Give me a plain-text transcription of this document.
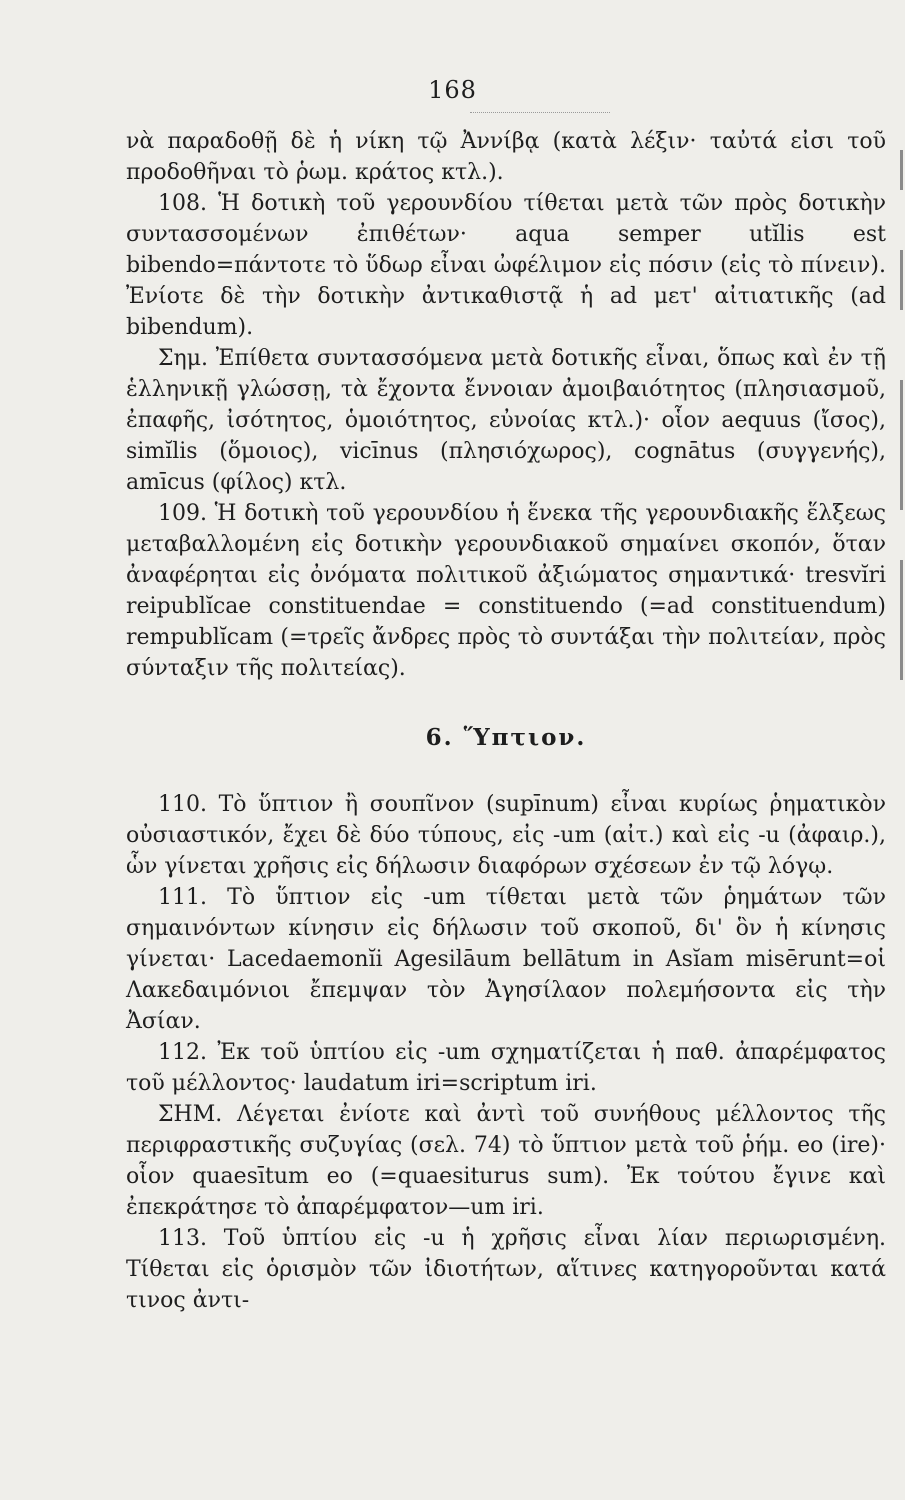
168

νὰ παραδοθῇ δὲ ἡ νίκη τῷ Ἀννίβᾳ (κατὰ λέξιν· ταὐτά εἰσι τοῦ προδοθῆναι τὸ ῥωμ. κράτος κτλ.).

108. Ἡ δοτικὴ τοῦ γερουνδίου τίθεται μετὰ τῶν πρὸς δοτικὴν συντασσομένων ἐπιθέτων· aqua semper utĭlis est bibendo=πάντοτε τὸ ὕδωρ εἶναι ὠφέλιμον εἰς πόσιν (εἰς τὸ πίνειν). Ἐνίοτε δὲ τὴν δοτικὴν ἀντικαθιστᾷ ἡ ad μετ' αἰτιατικῆς (ad bibendum).

Σημ. Ἐπίθετα συντασσόμενα μετὰ δοτικῆς εἶναι, ὅπως καὶ ἐν τῇ ἑλληνικῇ γλώσσῃ, τὰ ἔχοντα ἔννοιαν ἀμοιβαιότητος (πλησιασμοῦ, ἐπαφῆς, ἰσότητος, ὁμοιότητος, εὐνοίας κτλ.)· οἷον aequus (ἴσος), simĭlis (ὅμοιος), vicīnus (πλησιόχωρος), cognātus (συγγενής), amīcus (φίλος) κτλ.

109. Ἡ δοτικὴ τοῦ γερουνδίου ἡ ἕνεκα τῆς γερουνδιακῆς ἕλξεως μεταβαλλομένη εἰς δοτικὴν γερουνδιακοῦ σημαίνει σκοπόν, ὅταν ἀναφέρηται εἰς ὀνόματα πολιτικοῦ ἀξιώματος σημαντικά· tresvĭri reipublĭcae constituendae = constituendo (=ad constituendum) rempublĭcam (=τρεῖς ἄνδρες πρὸς τὸ συντάξαι τὴν πολιτείαν, πρὸς σύνταξιν τῆς πολιτείας).

6. Ὕπτιον.

110. Τὸ ὕπτιον ἢ σουπῖνον (supīnum) εἶναι κυρίως ῥηματικὸν οὐσιαστικόν, ἔχει δὲ δύο τύπους, εἰς -um (αἰτ.) καὶ εἰς -u (ἀφαιρ.), ὧν γίνεται χρῆσις εἰς δήλωσιν διαφόρων σχέσεων ἐν τῷ λόγῳ.

111. Τὸ ὕπτιον εἰς -um τίθεται μετὰ τῶν ῥημάτων τῶν σημαινόντων κίνησιν εἰς δήλωσιν τοῦ σκοποῦ, δι' ὃν ἡ κίνησις γίνεται· Lacedaemonĭi Agesilāum bellātum in Asĭam misērunt=οἱ Λακεδαιμόνιοι ἔπεμψαν τὸν Ἀγησίλαον πολεμήσοντα εἰς τὴν Ἀσίαν.

112. Ἐκ τοῦ ὑπτίου εἰς -um σχηματίζεται ἡ παθ. ἀπαρέμφατος τοῦ μέλλοντος· laudatum iri=scriptum iri.

ΣΗΜ. Λέγεται ἐνίοτε καὶ ἀντὶ τοῦ συνήθους μέλλοντος τῆς περιφραστικῆς συζυγίας (σελ. 74) τὸ ὕπτιον μετὰ τοῦ ῥήμ. eo (ire)· οἷον quaesītum eo (=quaesiturus sum). Ἐκ τούτου ἔγινε καὶ ἐπεκράτησε τὸ ἀπαρέμφατον—um iri.

113. Τοῦ ὑπτίου εἰς -u ἡ χρῆσις εἶναι λίαν περιωρισμένη. Τίθεται εἰς ὁρισμὸν τῶν ἰδιοτήτων, αἵτινες κατηγοροῦνται κατά τινος ἀντι-
